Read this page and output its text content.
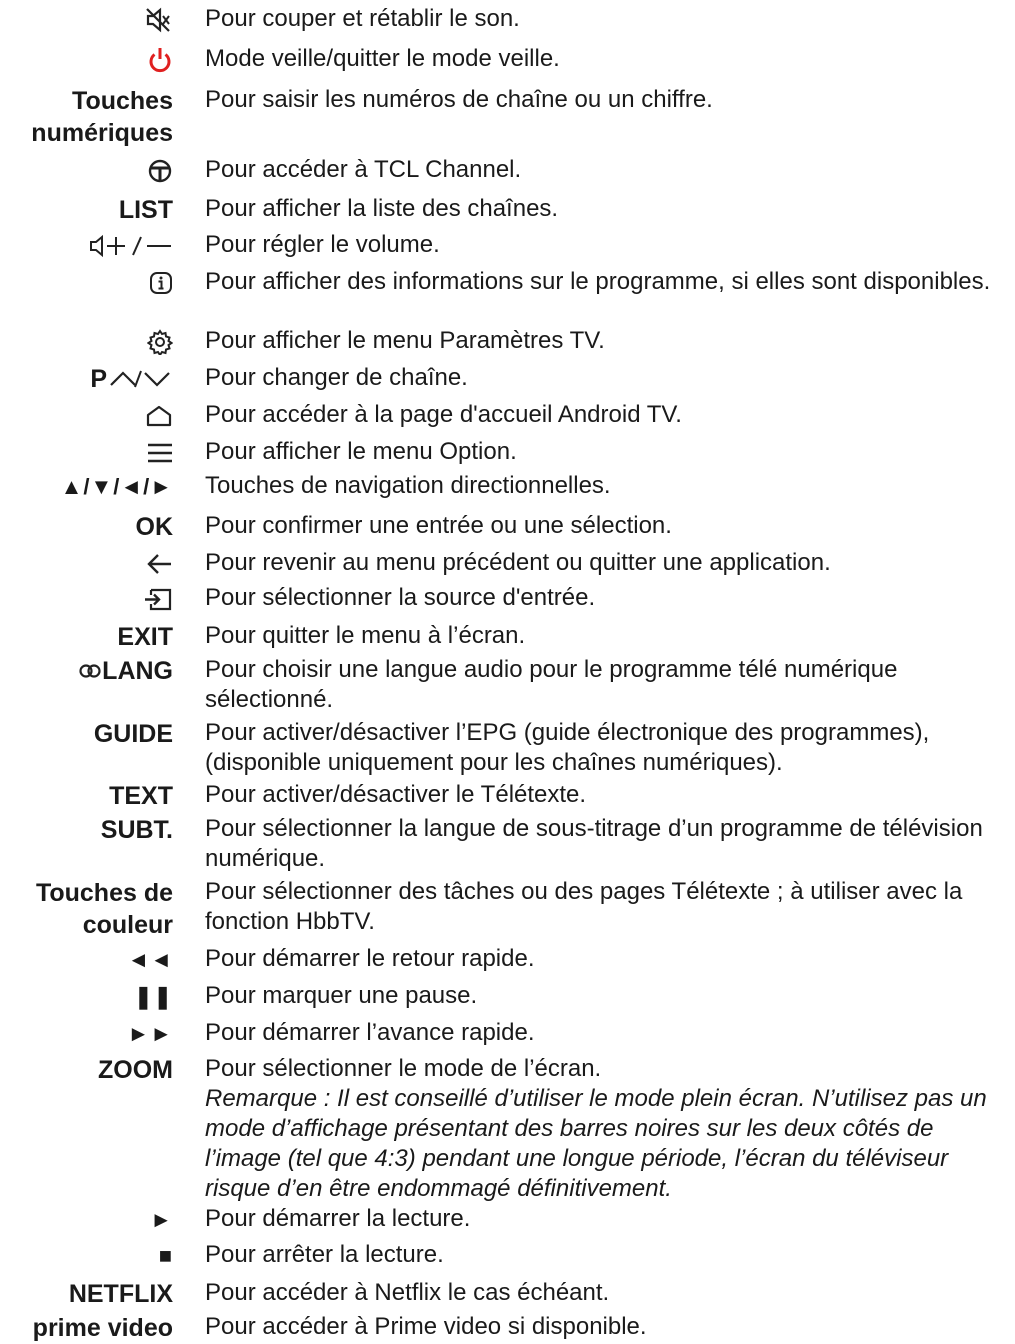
Pour couper et rétablir le son.
Mode veille/quitter le mode veille.
Touches
numériques
Pour saisir les numéros de chaîne ou un chiffre.
Pour accéder à TCL Channel.
LIST Pour afficher la liste des chaînes.
Pour régler le volume.
Pour afficher des informations sur le programme, si elles sont disponibles.
Pour afficher le menu Paramètres TV.
P	Pour changer de chaîne.
Pour accéder à la page d'accueil Android TV.
Pour afficher le menu Option.
▲/▼/◄/► Touches de navigation directionnelles.
OK Pour confirmer une entrée ou une sélection.
Pour revenir au menu précédent ou quitter une application.
Pour sélectionner la source d'entrée.
EXIT Pour quitter le menu à l’écran.
LANG Pour choisir une langue audio pour le programme télé numérique sélectionné.
GUIDE Pour activer/désactiver l’EPG (guide électronique des programmes), (disponible uniquement pour les chaînes numériques).
TEXT Pour activer/désactiver le Télétexte.
SUBT. Pour sélectionner la langue de sous-titrage d’un programme de télévision numérique.
Touches de
couleur
Pour sélectionner des tâches ou des pages Télétexte ; à utiliser avec la fonction HbbTV.
◄◄ Pour démarrer le retour rapide.
❚❚ Pour marquer une pause.
►► Pour démarrer l’avance rapide.
ZOOM Pour sélectionner le mode de l’écran.
Remarque : Il est conseillé d’utiliser le mode plein écran. N’utilisez pas un mode d’affichage présentant des barres noires sur les deux côtés de l’image (tel que 4:3) pendant une longue période, l’écran du téléviseur risque d’en être endommagé définitivement.
► Pour démarrer la lecture.
■ Pour arrêter la lecture.
NETFLIX Pour accéder à Netflix le cas échéant.
prime video Pour accéder à Prime video si disponible.
